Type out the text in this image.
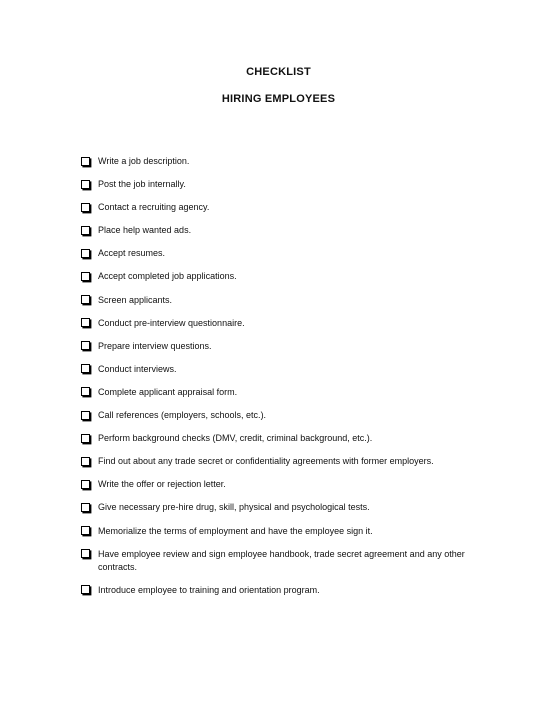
CHECKLIST
HIRING EMPLOYEES
Write a job description.
Post the job internally.
Contact a recruiting agency.
Place help wanted ads.
Accept resumes.
Accept completed job applications.
Screen applicants.
Conduct pre-interview questionnaire.
Prepare interview questions.
Conduct interviews.
Complete applicant appraisal form.
Call references (employers, schools, etc.).
Perform background checks (DMV, credit, criminal background, etc.).
Find out about any trade secret or confidentiality agreements with former employers.
Write the offer or rejection letter.
Give necessary pre-hire drug, skill, physical and psychological tests.
Memorialize the terms of employment and have the employee sign it.
Have employee review and sign employee handbook, trade secret agreement and any other contracts.
Introduce employee to training and orientation program.
